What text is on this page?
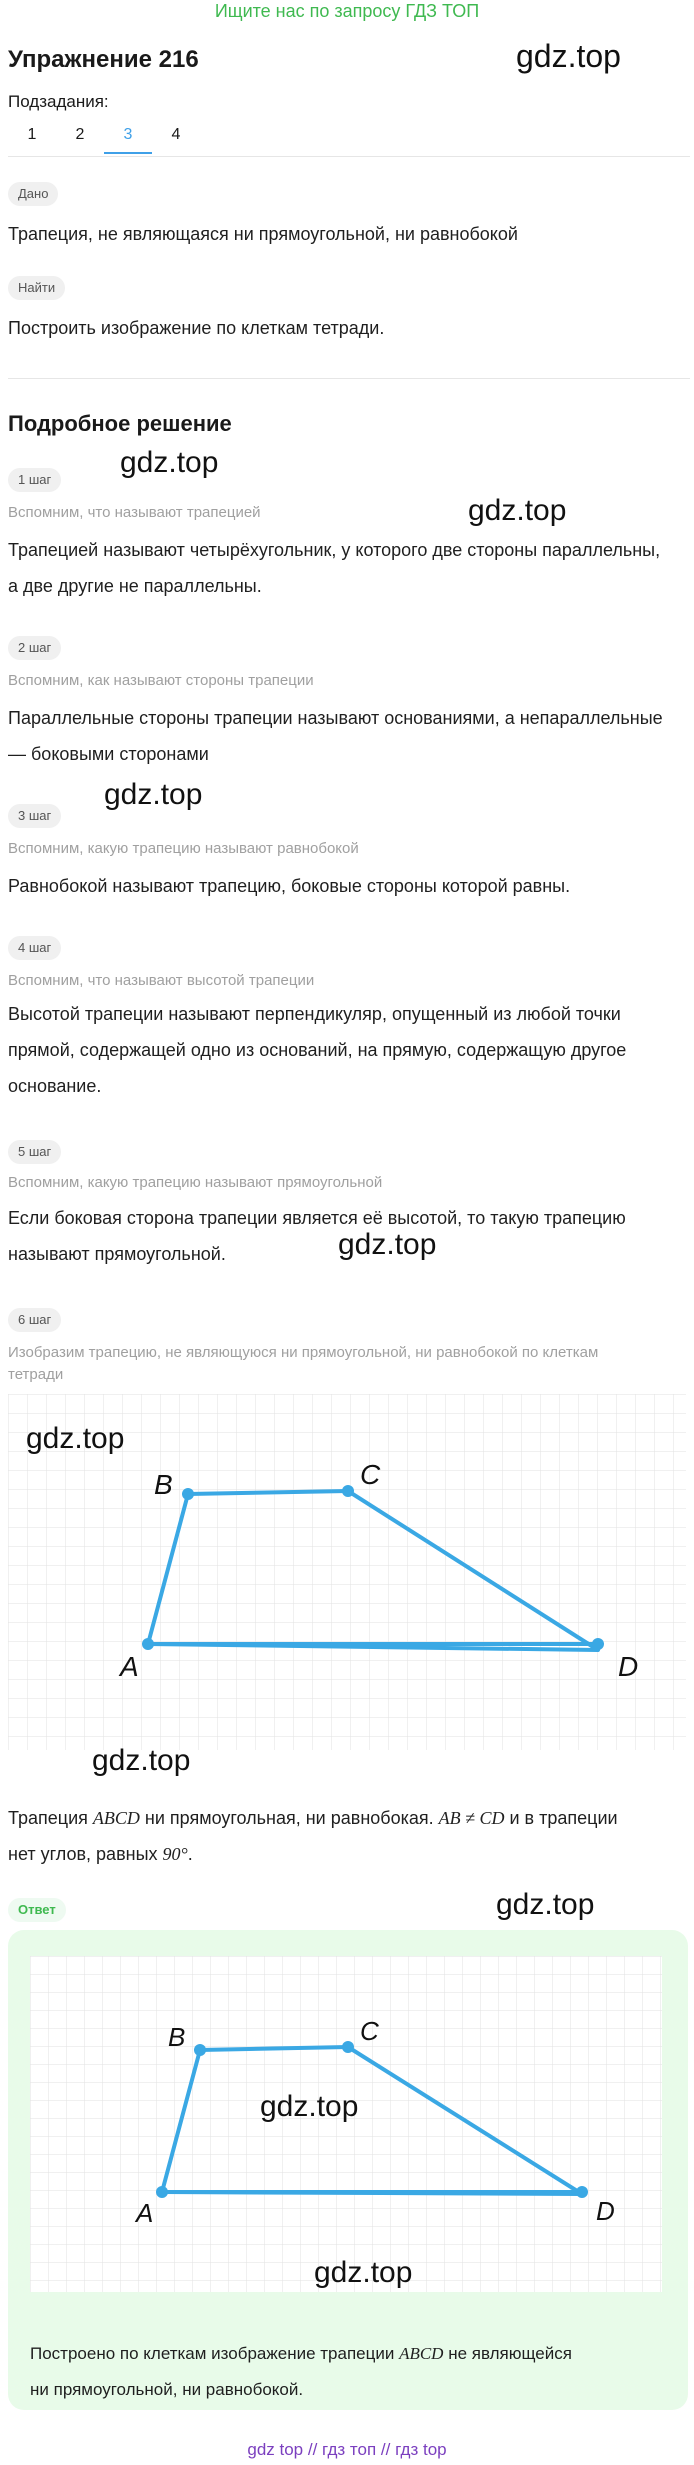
Ищите нас по запросу ГДЗ ТОП
Упражнение 216	gdz.top
Подзадания:
1	2	3	4
Дано
Трапеция, не являющаяся ни прямоугольной, ни равнобокой
Найти
Построить изображение по клеткам тетради.
Подробное решение
1 шаг
gdz.top
Вспомним, что называют трапецией	gdz.top
Трапецией называют четырёхугольник, у которого две стороны параллельны,
а две другие не параллельны.
2 шаг
Вспомним, как называют стороны трапеции
Параллельные стороны трапеции называют основаниями, а непараллельные
— боковыми сторонами
gdz.top
3 шаг
Вспомним, какую трапецию называют равнобокой
Равнобокой называют трапецию, боковые стороны которой равны.
4 шаг
Вспомним, что называют высотой трапеции
Высотой трапеции называют перпендикуляр, опущенный из любой точки
прямой, содержащей одно из оснований, на прямую, содержащую другое
основание.
5 шаг
Вспомним, какую трапецию называют прямоугольной
Если боковая сторона трапеции является её высотой, то такую трапецию
называют прямоугольной.	gdz.top
6 шаг
Изобразим трапецию, не являющуюся ни прямоугольной, ни равнобокой по клеткам
тетради
A
B	C
D
gdz.top
gdz.top
Трапеция ABCD ни прямоугольная, ни равнобокая. AB ≠ CD и в трапеции
нет углов, равных 90°.
Ответ	gdz.top
A
B	C
D
gdz.top
gdz.top
Построено по клеткам изображение трапеции ABCD не являющейся
ни прямоугольной, ни равнобокой.
gdz top // гдз топ // гдз top
